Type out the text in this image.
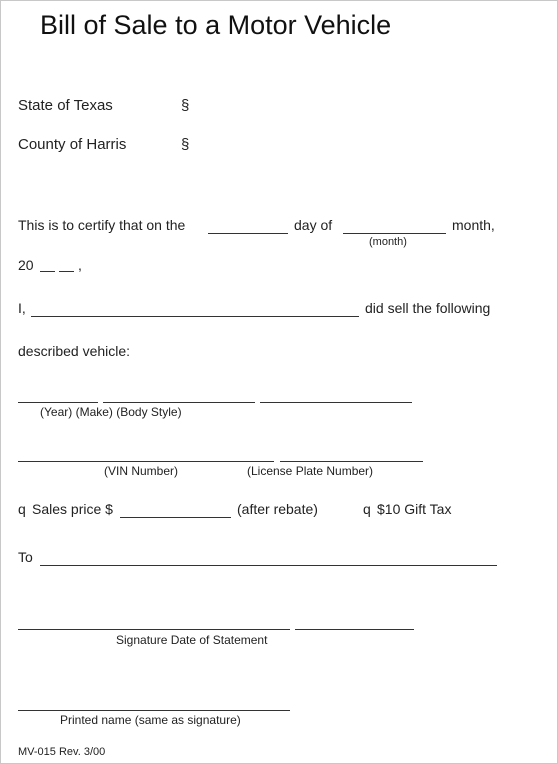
Bill of Sale to a Motor Vehicle
State of Texas	§
County of Harris	§
This is to certify that on the	day of	month,
(month)
20	,
I,	did sell the following
described vehicle:
(Year) (Make) (Body Style)
(VIN Number)	(License Plate Number)
q Sales price $	(after rebate)	q $10 Gift Tax
To
Signature Date of Statement
Printed name (same as signature)
MV-015 Rev. 3/00
